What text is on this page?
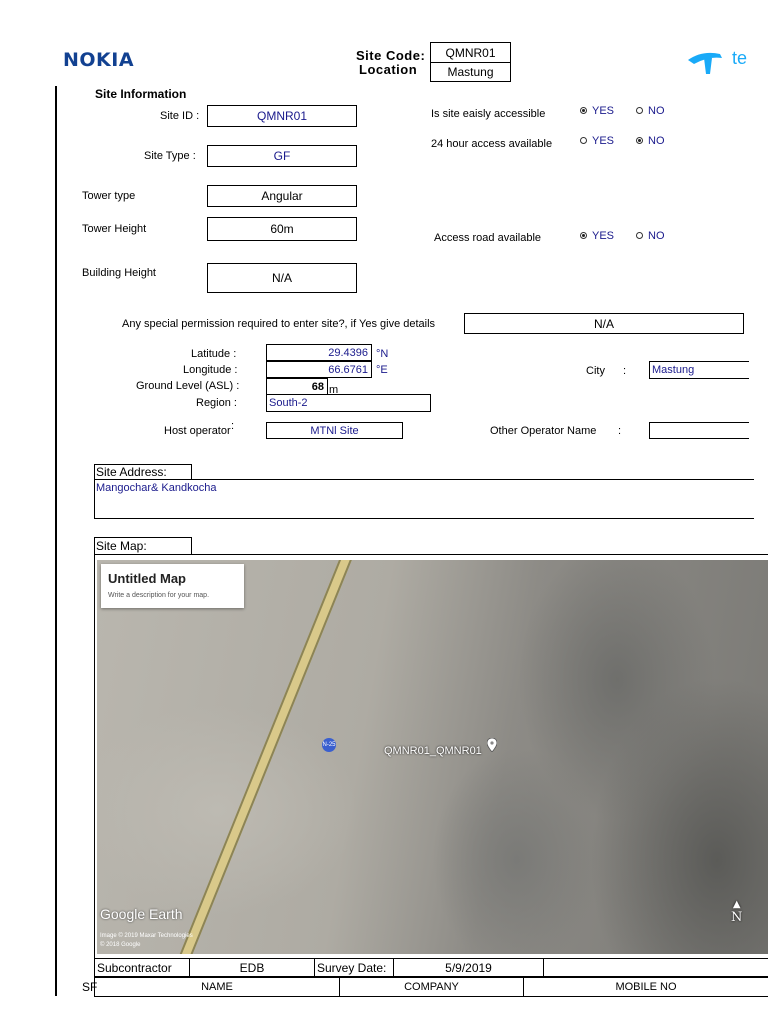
NOKIA	Site Code:	QMNR01
Location	Mastung
te
Site Information
Site ID :	QMNR01
Site Type :	GF
Tower type	Angular
Tower Height	60m
Building Height	N/A
Is site eaisly accessible	YES	NO
24 hour access available	YES	NO
Access road available	YES	NO
Any special permission required to enter site?, if Yes give details	N/A
Latitude :	29.4396 °N
Longitude :	66.6761 °E
Ground Level (ASL) :	68 m
Region :	South-2
City : Mastung
Host operator :	MTNl Site	Other Operator Name :
Site Address:
Mangochar& Kandkocha
Site Map:
N-25
Untitled Map
Write a description for your map.
QMNR01_QMNR01
Google Earth
Image © 2019 Maxar Technologies
© 2018 Google
▲
N
Subcontractor	EDB	Survey Date:	5/9/2019
SF	NAME	COMPANY	MOBILE NO
